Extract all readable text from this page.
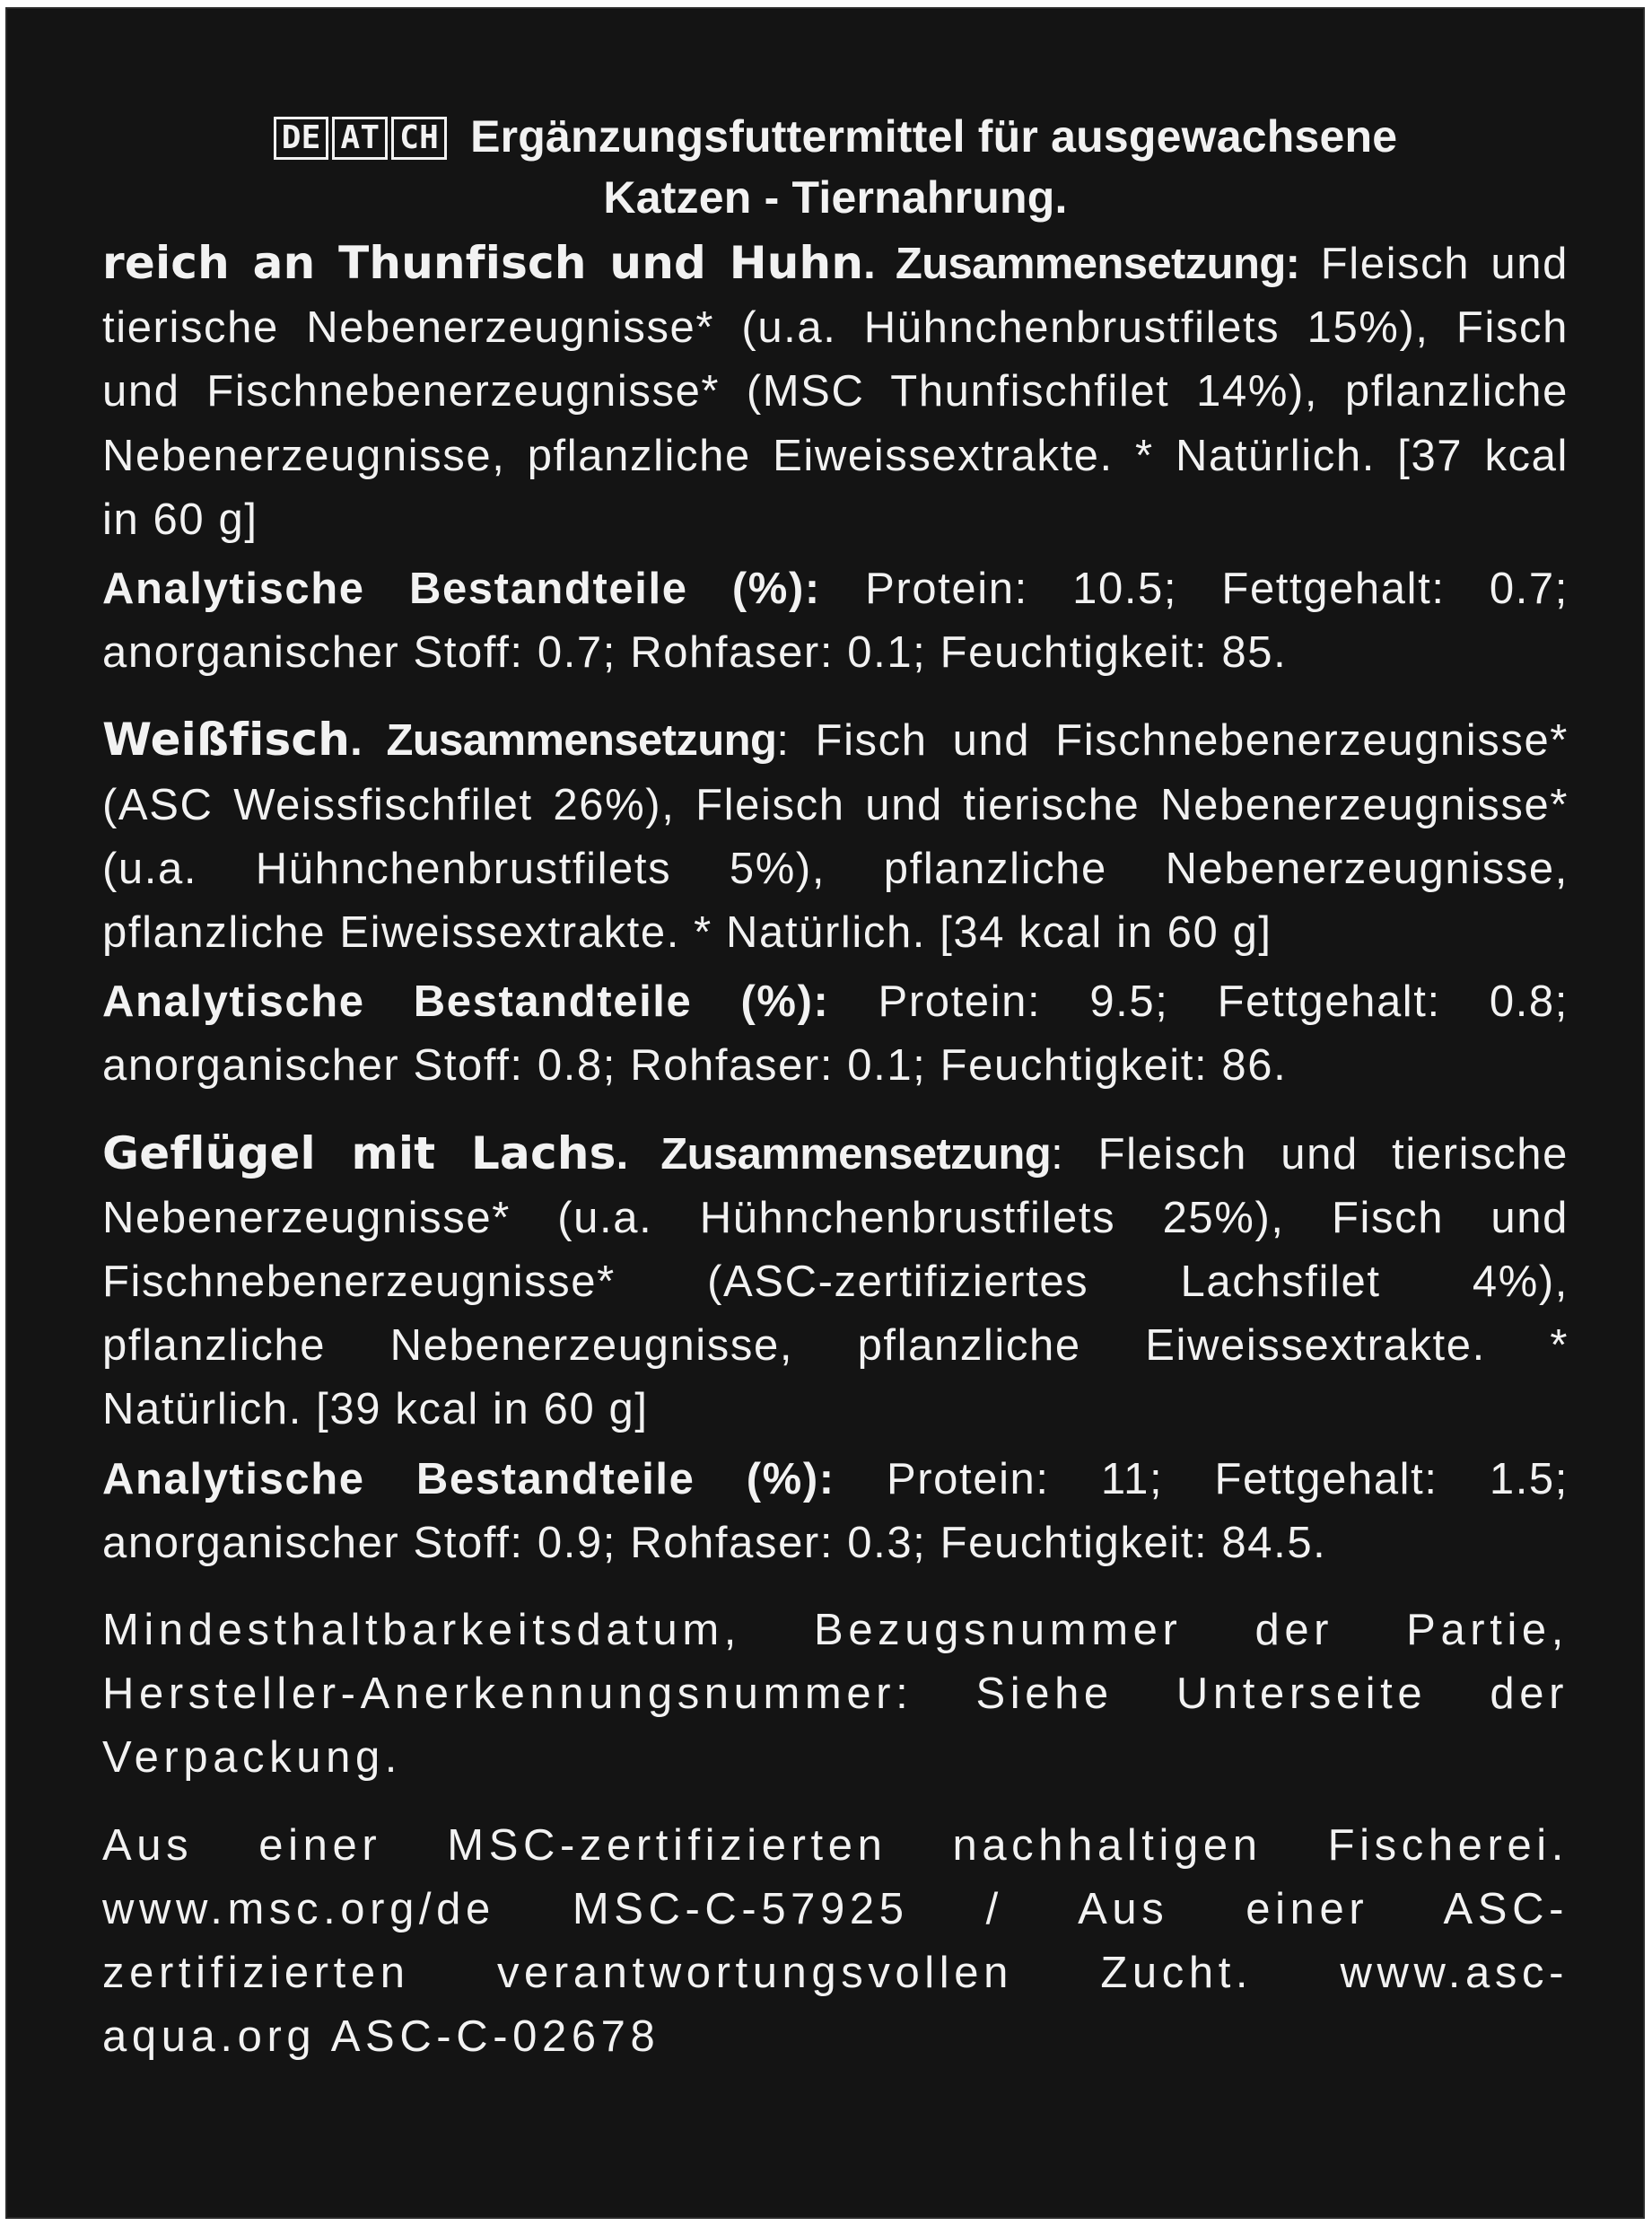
DE AT CH Ergänzungsfuttermittel für ausgewachsene
Katzen - Tiernahrung.

reich an Thunfisch und Huhn. Zusammensetzung: Fleisch und tierische Nebenerzeugnisse* (u.a. Hühnchenbrustfilets 15%), Fisch und Fischnebenerzeugnisse* (MSC Thunfischfilet 14%), pflanzliche Nebenerzeugnisse, pflanzliche Eiweissextrakte. * Natürlich. [37 kcal in 60 g]

Analytische Bestandteile (%): Protein: 10.5; Fettgehalt: 0.7; anorganischer Stoff: 0.7; Rohfaser: 0.1; Feuchtigkeit: 85.

Weißfisch. Zusammensetzung: Fisch und Fischnebenerzeugnisse* (ASC Weissfischfilet 26%), Fleisch und tierische Nebenerzeugnisse* (u.a. Hühnchenbrustfilets 5%), pflanzliche Nebenerzeugnisse, pflanzliche Eiweissextrakte. * Natürlich. [34 kcal in 60 g]

Analytische Bestandteile (%): Protein: 9.5; Fettgehalt: 0.8; anorganischer Stoff: 0.8; Rohfaser: 0.1; Feuchtigkeit: 86.

Geflügel mit Lachs. Zusammensetzung: Fleisch und tierische Nebenerzeugnisse* (u.a. Hühnchenbrustfilets 25%), Fisch und Fischnebenerzeugnisse* (ASC-zertifiziertes Lachsfilet 4%), pflanzliche Nebenerzeugnisse, pflanzliche Eiweissextrakte. * Natürlich. [39 kcal in 60 g]

Analytische Bestandteile (%): Protein: 11; Fettgehalt: 1.5; anorganischer Stoff: 0.9; Rohfaser: 0.3; Feuchtigkeit: 84.5.

Mindesthaltbarkeitsdatum, Bezugsnummer der Partie, Hersteller-Anerkennungsnummer: Siehe Unterseite der Verpackung.

Aus einer MSC-zertifizierten nachhaltigen Fischerei. www.msc.org/de MSC-C-57925 / Aus einer ASC-zertifizierten verantwortungsvollen Zucht. www.asc-aqua.org ASC-C-02678
